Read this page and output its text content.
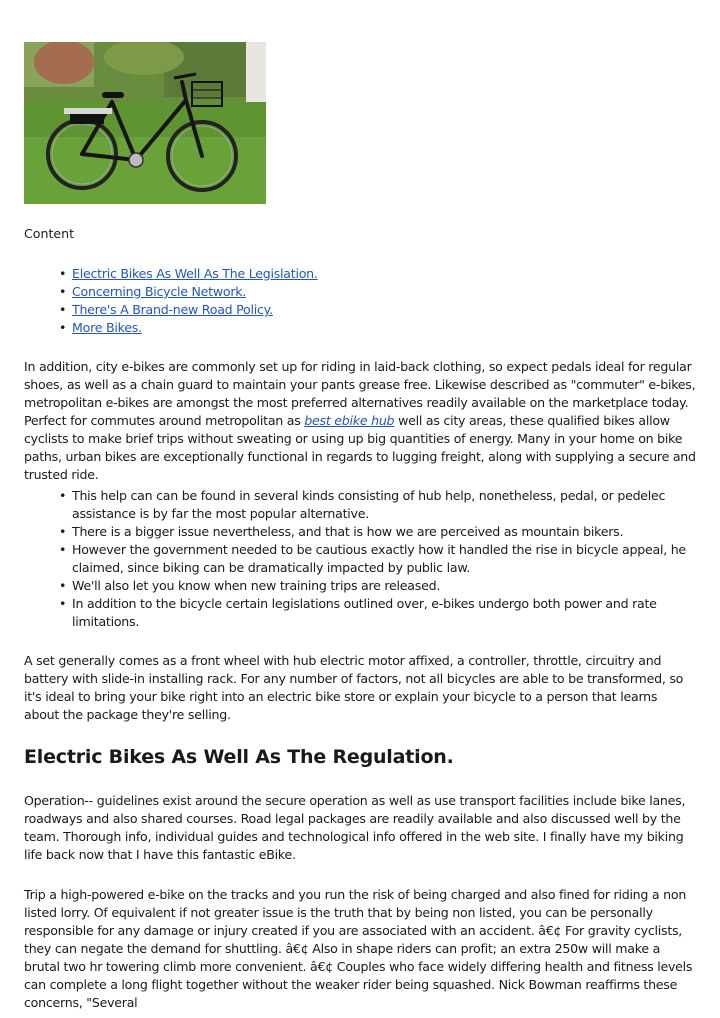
Content
• Electric Bikes As Well As The Legislation.
• Concerning Bicycle Network.
• There's A Brand-new Road Policy.
• More Bikes.

In addition, city e-bikes are commonly set up for riding in laid-back clothing, so expect pedals ideal for regular shoes, as well as a chain guard to maintain your pants grease free. Likewise described as "commuter" e-bikes, metropolitan e-bikes are amongst the most preferred alternatives readily available on the marketplace today. Perfect for commutes around metropolitan as best ebike hub well as city areas, these qualified bikes allow cyclists to make brief trips without sweating or using up big quantities of energy. Many in your home on bike paths, urban bikes are exceptionally functional in regards to lugging freight, along with supplying a secure and trusted ride.

• This help can can be found in several kinds consisting of hub help, nonetheless, pedal, or pedelec assistance is by far the most popular alternative.
• There is a bigger issue nevertheless, and that is how we are perceived as mountain bikers.
• However the government needed to be cautious exactly how it handled the rise in bicycle appeal, he claimed, since biking can be dramatically impacted by public law.
• We'll also let you know when new training trips are released.
• In addition to the bicycle certain legislations outlined over, e-bikes undergo both power and rate limitations.

A set generally comes as a front wheel with hub electric motor affixed, a controller, throttle, circuitry and battery with slide-in installing rack. For any number of factors, not all bicycles are able to be transformed, so it's ideal to bring your bike right into an electric bike store or explain your bicycle to a person that learns about the package they're selling.

Electric Bikes As Well As The Regulation.

Operation-- guidelines exist around the secure operation as well as use transport facilities include bike lanes, roadways and also shared courses. Road legal packages are readily available and also discussed well by the team. Thorough info, individual guides and technological info offered in the web site. I finally have my biking life back now that I have this fantastic eBike.

Trip a high-powered e-bike on the tracks and you run the risk of being charged and also fined for riding a non listed lorry. Of equivalent if not greater issue is the truth that by being non listed, you can be personally responsible for any damage or injury created if you are associated with an accident. â€¢ For gravity cyclists, they can negate the demand for shuttling. â€¢ Also in shape riders can profit; an extra 250w will make a brutal two hr towering climb more convenient. â€¢ Couples who face widely differing health and fitness levels can complete a long flight together without the weaker rider being squashed. Nick Bowman reaffirms these concerns, "Several
